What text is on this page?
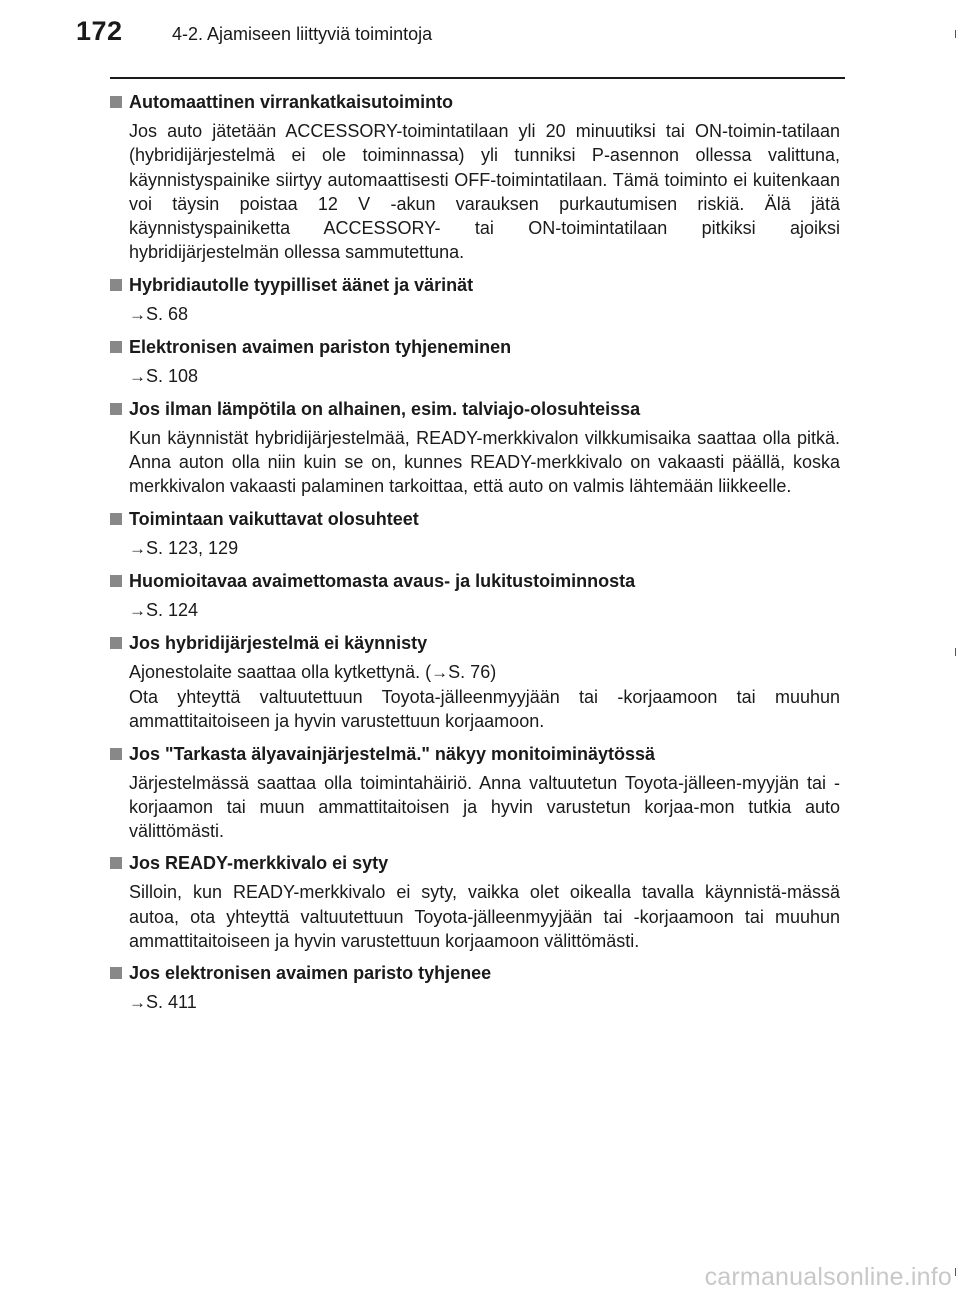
172	4-2. Ajamiseen liittyviä toimintoja
Automaattinen virrankatkaisutoiminto

Jos auto jätetään ACCESSORY-toimintatilaan yli 20 minuutiksi tai ON-toimin-tatilaan (hybridijärjestelmä ei ole toiminnassa) yli tunniksi P-asennon ollessa valittuna, käynnistyspainike siirtyy automaattisesti OFF-toimintatilaan. Tämä toiminto ei kuitenkaan voi täysin poistaa 12 V -akun varauksen purkautumisen riskiä. Älä jätä käynnistyspainiketta ACCESSORY- tai ON-toimintatilaan pitkiksi ajoiksi hybridijärjestelmän ollessa sammutettuna.

Hybridiautolle tyypilliset äänet ja värinät
→S. 68
Elektronisen avaimen pariston tyhjeneminen
→S. 108
Jos ilman lämpötila on alhainen, esim. talviajo-olosuhteissa

Kun käynnistät hybridijärjestelmää, READY-merkkivalon vilkkumisaika saattaa olla pitkä. Anna auton olla niin kuin se on, kunnes READY-merkkivalo on vakaasti päällä, koska merkkivalon vakaasti palaminen tarkoittaa, että auto on valmis lähtemään liikkeelle.

Toimintaan vaikuttavat olosuhteet
→S. 123, 129
Huomioitavaa avaimettomasta avaus- ja lukitustoiminnosta
→S. 124
Jos hybridijärjestelmä ei käynnisty

Ajonestolaite saattaa olla kytkettynä. (→S. 76)

Ota yhteyttä valtuutettuun Toyota-jälleenmyyjään tai -korjaamoon tai muuhun ammattitaitoiseen ja hyvin varustettuun korjaamoon.

Jos "Tarkasta älyavainjärjestelmä." näkyy monitoiminäytössä

Järjestelmässä saattaa olla toimintahäiriö. Anna valtuutetun Toyota-jälleen-myyjän tai -korjaamon tai muun ammattitaitoisen ja hyvin varustetun korjaa-mon tutkia auto välittömästi.

Jos READY-merkkivalo ei syty

Silloin, kun READY-merkkivalo ei syty, vaikka olet oikealla tavalla käynnistä-mässä autoa, ota yhteyttä valtuutettuun Toyota-jälleenmyyjään tai -korjaamoon tai muuhun ammattitaitoiseen ja hyvin varustettuun korjaamoon välittömästi.

Jos elektronisen avaimen paristo tyhjenee
→S. 411
carmanualsonline.info
